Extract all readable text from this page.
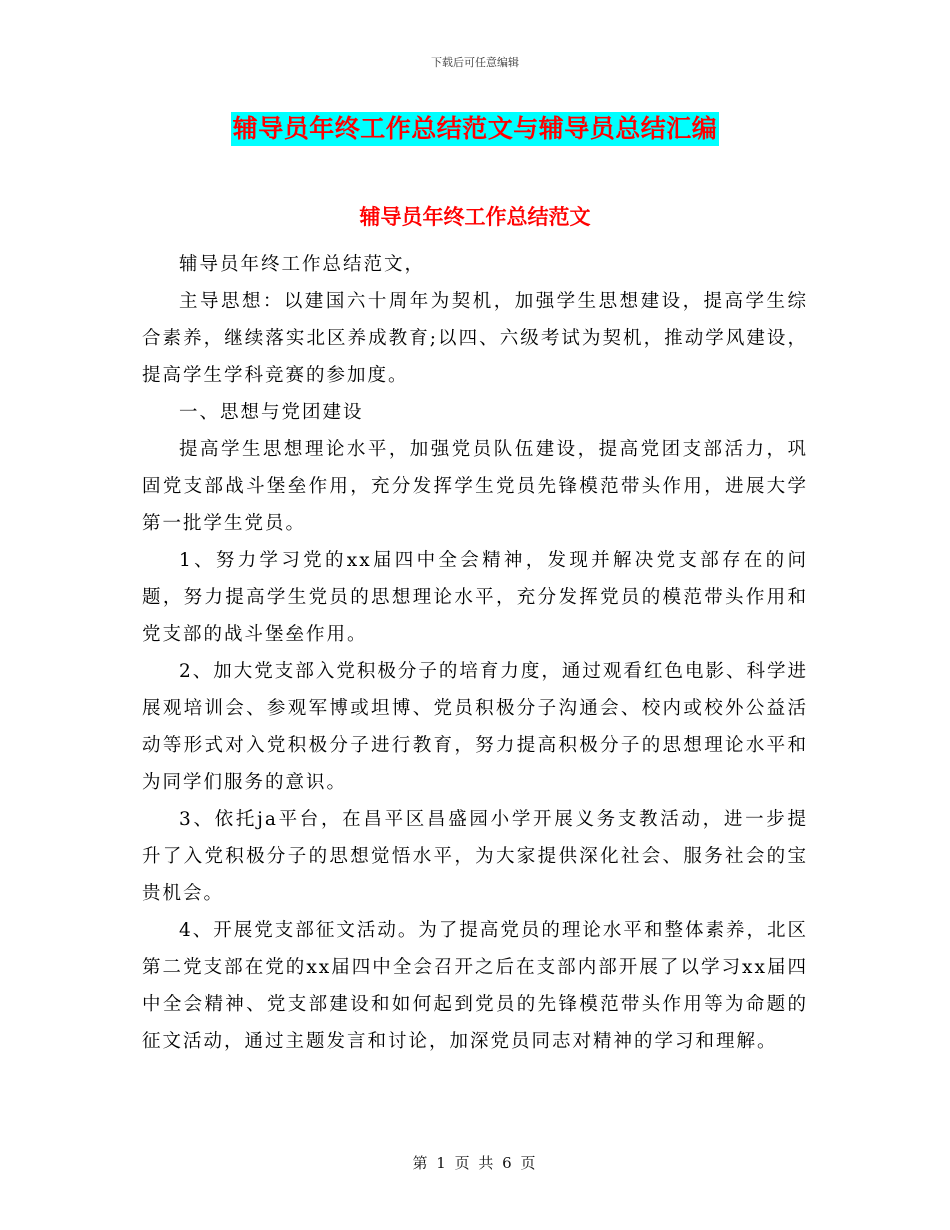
下载后可任意编辑
辅导员年终工作总结范文与辅导员总结汇编
辅导员年终工作总结范文

辅导员年终工作总结范文，

主导思想：以建国六十周年为契机，加强学生思想建设，提高学生综合素养，继续落实北区养成教育;以四、六级考试为契机，推动学风建设，提高学生学科竞赛的参加度。

一、思想与党团建设

提高学生思想理论水平，加强党员队伍建设，提高党团支部活力，巩固党支部战斗堡垒作用，充分发挥学生党员先锋模范带头作用，进展大学第一批学生党员。

1、努力学习党的xx届四中全会精神，发现并解决党支部存在的问题，努力提高学生党员的思想理论水平，充分发挥党员的模范带头作用和党支部的战斗堡垒作用。

2、加大党支部入党积极分子的培育力度，通过观看红色电影、科学进展观培训会、参观军博或坦博、党员积极分子沟通会、校内或校外公益活动等形式对入党积极分子进行教育，努力提高积极分子的思想理论水平和为同学们服务的意识。

3、依托ja平台，在昌平区昌盛园小学开展义务支教活动，进一步提升了入党积极分子的思想觉悟水平，为大家提供深化社会、服务社会的宝贵机会。

4、开展党支部征文活动。为了提高党员的理论水平和整体素养，北区第二党支部在党的xx届四中全会召开之后在支部内部开展了以学习xx届四中全会精神、党支部建设和如何起到党员的先锋模范带头作用等为命题的征文活动，通过主题发言和讨论，加深党员同志对精神的学习和理解。

第 1 页 共 6 页
